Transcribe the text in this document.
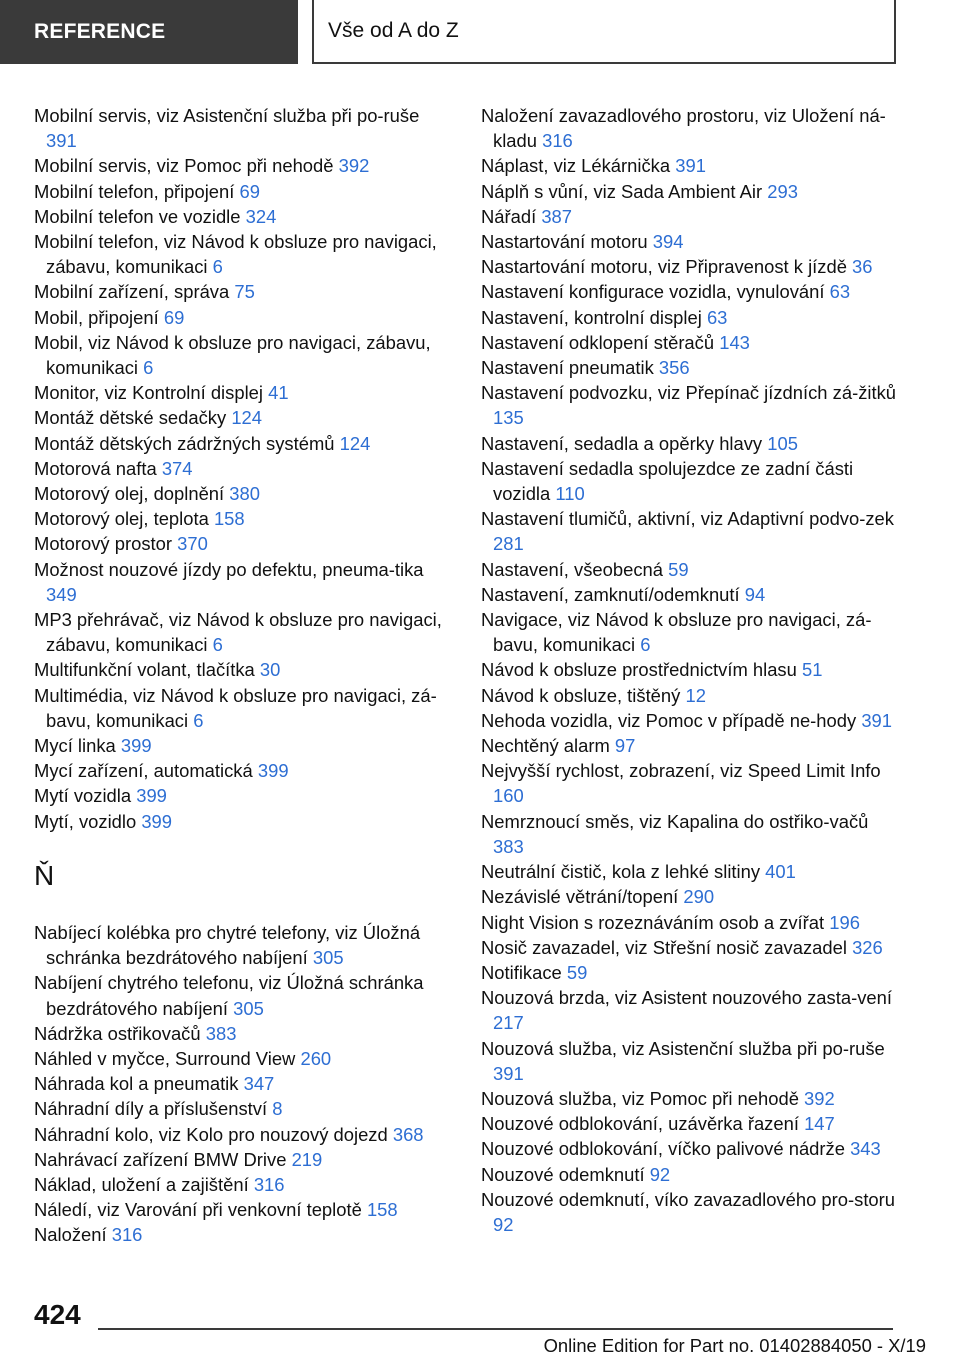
REFERENCE	Vše od A do Z
Mobilní servis, viz Asistenční služba při po-ruše 391
Mobilní servis, viz Pomoc při nehodě 392
Mobilní telefon, připojení 69
Mobilní telefon ve vozidle 324
Mobilní telefon, viz Návod k obsluze pro navigaci, zábavu, komunikaci 6
Mobilní zařízení, správa 75
Mobil, připojení 69
Mobil, viz Návod k obsluze pro navigaci, zábavu, komunikaci 6
Monitor, viz Kontrolní displej 41
Montáž dětské sedačky 124
Montáž dětských zádržných systémů 124
Motorová nafta 374
Motorový olej, doplnění 380
Motorový olej, teplota 158
Motorový prostor 370
Možnost nouzové jízdy po defektu, pneuma-tika 349
MP3 přehrávač, viz Návod k obsluze pro navigaci, zábavu, komunikaci 6
Multifunkční volant, tlačítka 30
Multimédia, viz Návod k obsluze pro navigaci, zá-bavu, komunikaci 6
Mycí linka 399
Mycí zařízení, automatická 399
Mytí vozidla 399
Mytí, vozidlo 399
Ň
Nabíjecí kolébka pro chytré telefony, viz Úložná schránka bezdrátového nabíjení 305
Nabíjení chytrého telefonu, viz Úložná schránka bezdrátového nabíjení 305
Nádržka ostřikovačů 383
Náhled v myčce, Surround View 260
Náhrada kol a pneumatik 347
Náhradní díly a příslušenství 8
Náhradní kolo, viz Kolo pro nouzový dojezd 368
Nahrávací zařízení BMW Drive 219
Náklad, uložení a zajištění 316
Náledí, viz Varování při venkovní teplotě 158
Naložení 316
Naložení zavazadlového prostoru, viz Uložení ná-kladu 316
Náplast, viz Lékárnička 391
Náplň s vůní, viz Sada Ambient Air 293
Nářadí 387
Nastartování motoru 394
Nastartování motoru, viz Připravenost k jízdě 36
Nastavení konfigurace vozidla, vynulování 63
Nastavení, kontrolní displej 63
Nastavení odklopení stěračů 143
Nastavení pneumatik 356
Nastavení podvozku, viz Přepínač jízdních zá-žitků 135
Nastavení, sedadla a opěrky hlavy 105
Nastavení sedadla spolujezdce ze zadní části vozidla 110
Nastavení tlumičů, aktivní, viz Adaptivní podvo-zek 281
Nastavení, všeobecná 59
Nastavení, zamknutí/odemknutí 94
Navigace, viz Návod k obsluze pro navigaci, zá-bavu, komunikaci 6
Návod k obsluze prostřednictvím hlasu 51
Návod k obsluze, tištěný 12
Nehoda vozidla, viz Pomoc v případě ne-hody 391
Nechtěný alarm 97
Nejvyšší rychlost, zobrazení, viz Speed Limit Info 160
Nemrznoucí směs, viz Kapalina do ostřiko-vačů 383
Neutrální čistič, kola z lehké slitiny 401
Nezávislé větrání/topení 290
Night Vision s rozeznáváním osob a zvířat 196
Nosič zavazadel, viz Střešní nosič zavazadel 326
Notifikace 59
Nouzová brzda, viz Asistent nouzového zasta-vení 217
Nouzová služba, viz Asistenční služba při po-ruše 391
Nouzová služba, viz Pomoc při nehodě 392
Nouzové odblokování, uzávěrka řazení 147
Nouzové odblokování, víčko palivové nádrže 343
Nouzové odemknutí 92
Nouzové odemknutí, víko zavazadlového pro-storu 92
424
Online Edition for Part no. 01402884050 - X/19
